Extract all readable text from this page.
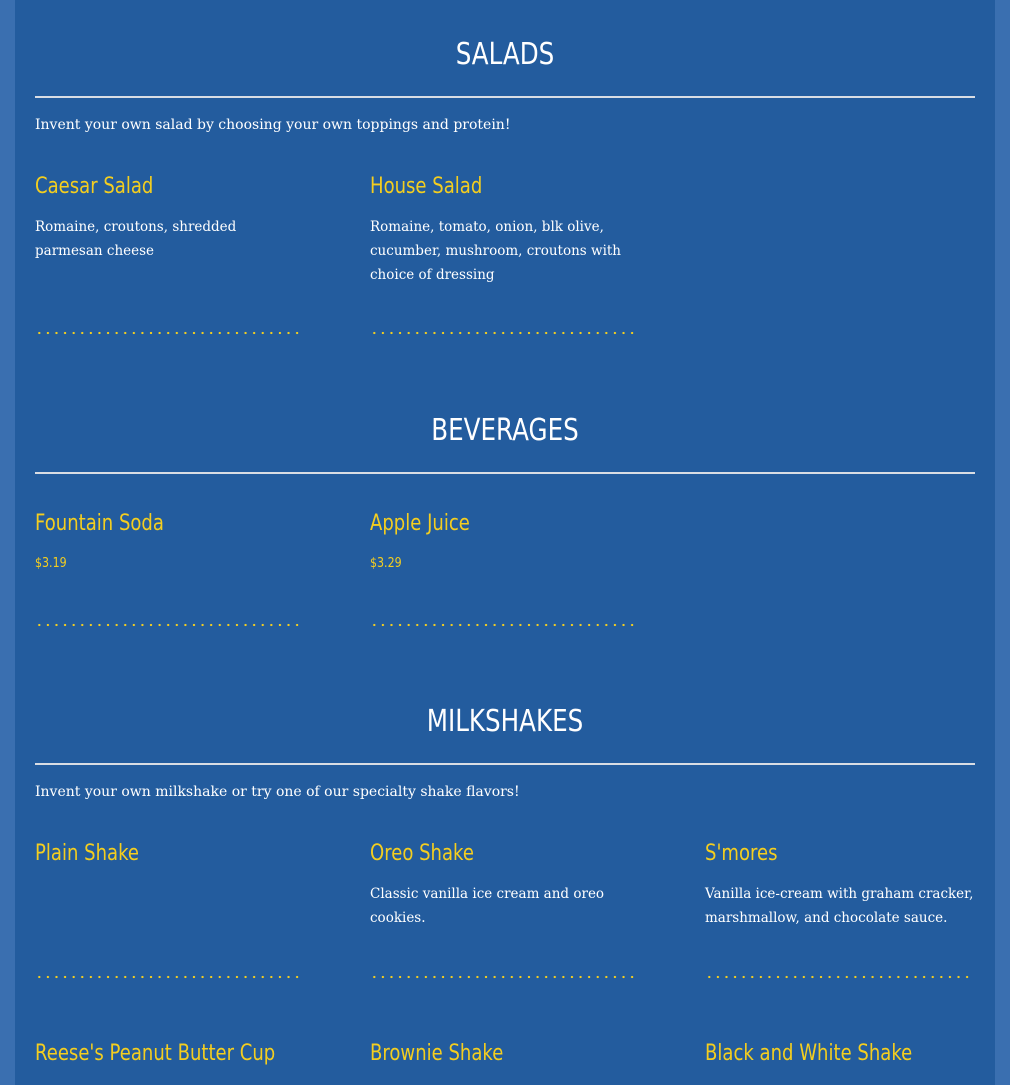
SALADS

Invent your own salad by choosing your own toppings and protein!

Caesar Salad

Romaine, croutons, shredded parmesan cheese

House Salad

Romaine, tomato, onion, blk olive, cucumber, mushroom, croutons with choice of dressing

BEVERAGES
Fountain Soda
$3.19
Apple Juice
$3.29
MILKSHAKES

Invent your own milkshake or try one of our specialty shake flavors!

Plain Shake	Oreo Shake

Classic vanilla ice cream and oreo cookies.

S'mores

Vanilla ice-cream with graham cracker, marshmallow, and chocolate sauce.

Reese's Peanut Butter Cup	Brownie Shake	Black and White Shake
